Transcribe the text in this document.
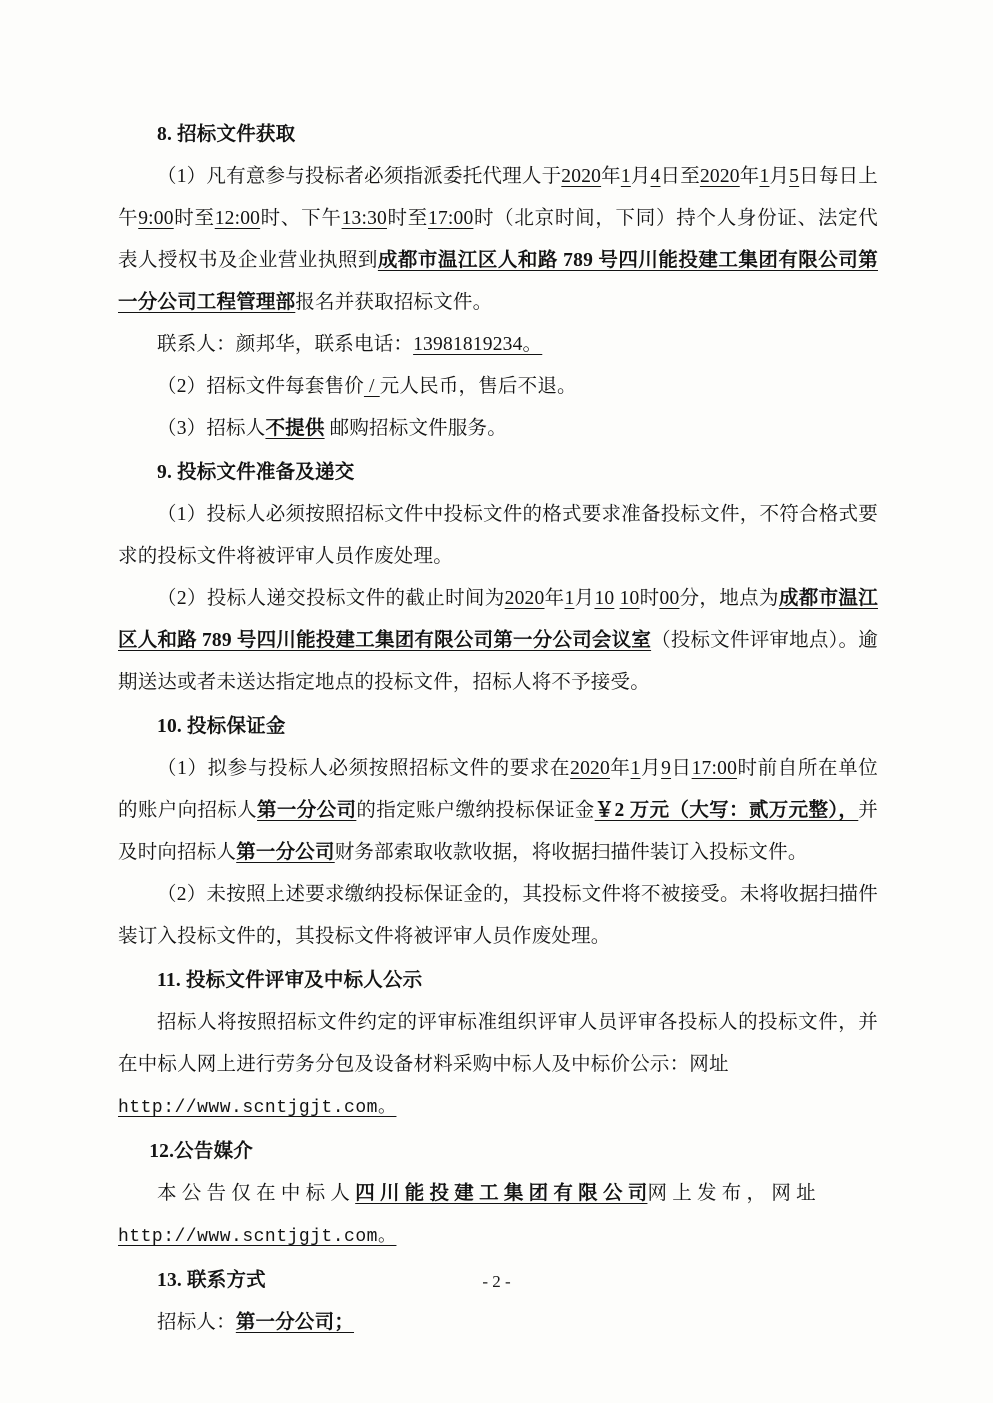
8. 招标文件获取

（1）凡有意参与投标者必须指派委托代理人于2020年1月4日至2020年1月5日每日上午9:00时至12:00时、下午13:30时至17:00时（北京时间，下同）持个人身份证、法定代表人授权书及企业营业执照到成都市温江区人和路 789 号四川能投建工集团有限公司第一分公司工程管理部报名并获取招标文件。

联系人：颜邦华，联系电话：13981819234。

（2）招标文件每套售价 / 元人民币，售后不退。

（3）招标人不提供 邮购招标文件服务。

9. 投标文件准备及递交

（1）投标人必须按照招标文件中投标文件的格式要求准备投标文件，不符合格式要求的投标文件将被评审人员作废处理。

（2）投标人递交投标文件的截止时间为2020年1月10 10时00分，地点为成都市温江区人和路 789 号四川能投建工集团有限公司第一分公司会议室（投标文件评审地点）。逾期送达或者未送达指定地点的投标文件，招标人将不予接受。

10. 投标保证金

（1）拟参与投标人必须按照招标文件的要求在2020年1月9日17:00时前自所在单位的账户向招标人第一分公司的指定账户缴纳投标保证金￥2 万元（大写：贰万元整），并及时向招标人第一分公司财务部索取收款收据，将收据扫描件装订入投标文件。

（2）未按照上述要求缴纳投标保证金的，其投标文件将不被接受。未将收据扫描件装订入投标文件的，其投标文件将被评审人员作废处理。

11. 投标文件评审及中标人公示

招标人将按照招标文件约定的评审标准组织评审人员评审各投标人的投标文件，并在中标人网上进行劳务分包及设备材料采购中标人及中标价公示：网址

http://www.scntjgjt.com。

12.公告媒介

本 公 告 仅 在 中 标 人 四 川 能 投 建 工 集 团 有 限 公 司网 上 发 布 ， 网 址

http://www.scntjgjt.com。

13. 联系方式

招标人：第一分公司；

- 2 -
